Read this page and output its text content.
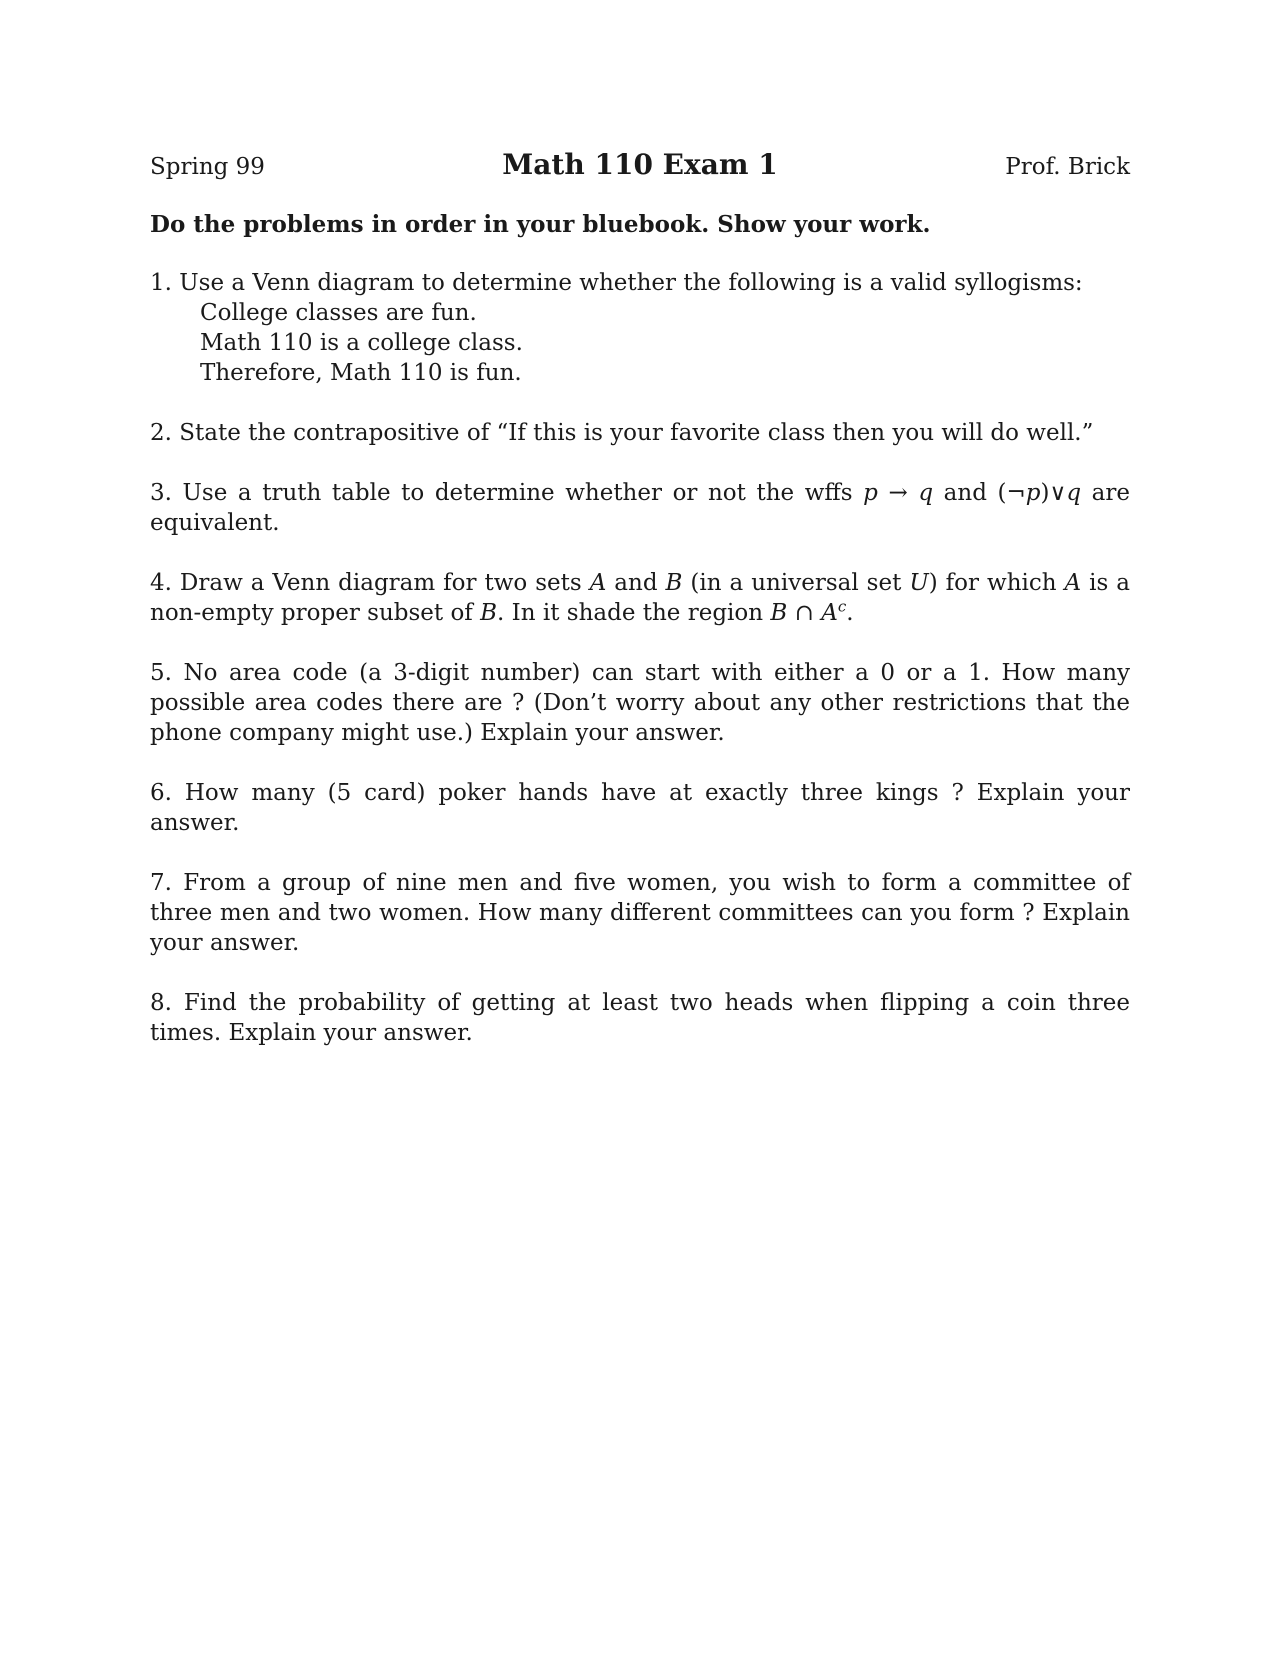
Spring 99	Math 110 Exam 1	Prof. Brick
Do the problems in order in your bluebook. Show your work.
1. Use a Venn diagram to determine whether the following is a valid syllogisms:
College classes are fun.
Math 110 is a college class.
Therefore, Math 110 is fun.
2. State the contrapositive of “If this is your favorite class then you will do well.”
3. Use a truth table to determine whether or not the wffs p → q and (¬p)∨q are equivalent.
4. Draw a Venn diagram for two sets A and B (in a universal set U) for which A is a non-empty proper subset of B. In it shade the region B ∩ $A^c$.
5. No area code (a 3-digit number) can start with either a 0 or a 1. How many possible area codes there are ? (Don’t worry about any other restrictions that the phone company might use.) Explain your answer.
6. How many (5 card) poker hands have at exactly three kings ? Explain your answer.
7. From a group of nine men and five women, you wish to form a committee of three men and two women. How many different committees can you form ? Explain your answer.
8. Find the probability of getting at least two heads when flipping a coin three times. Explain your answer.
